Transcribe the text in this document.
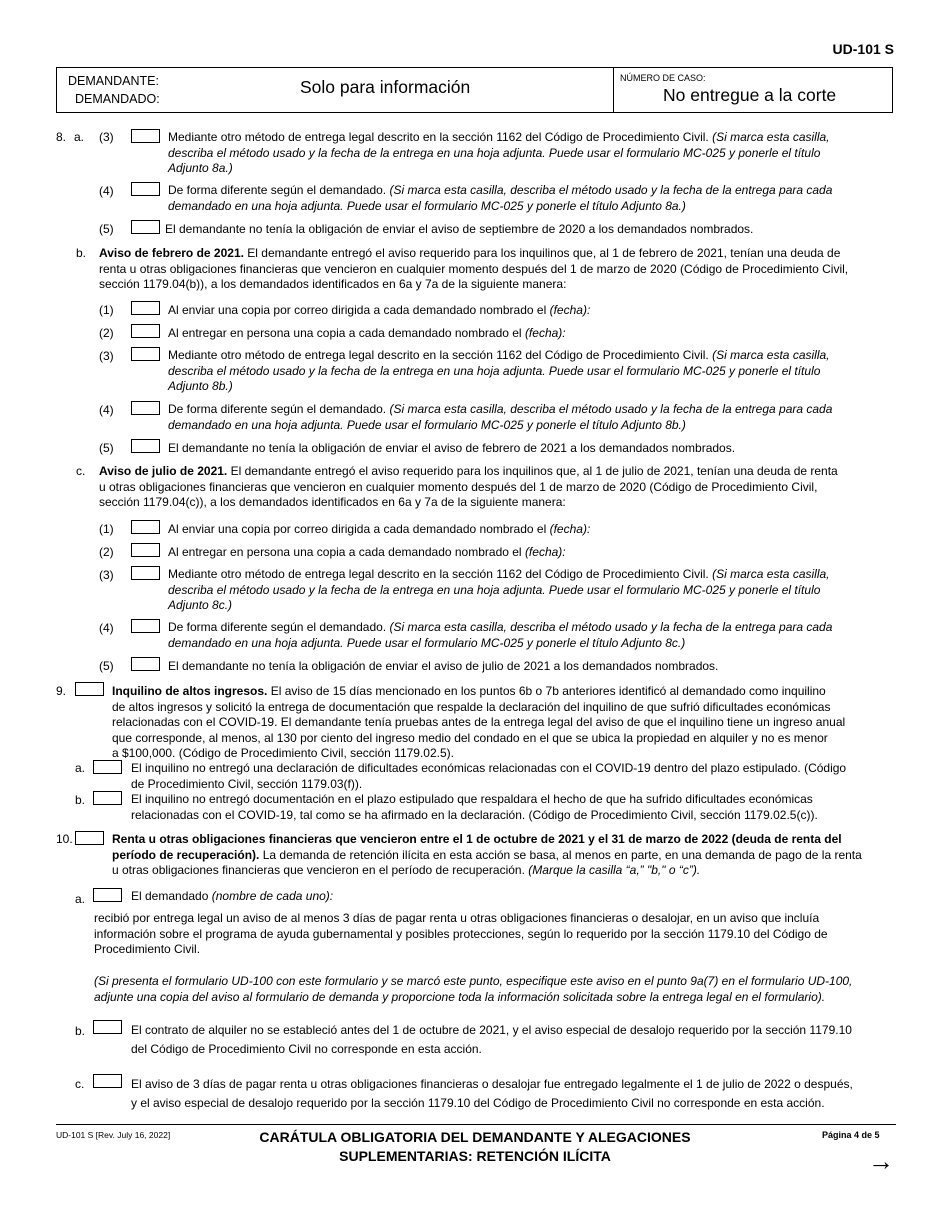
UD-101 S
DEMANDANTE:
DEMANDADO:
Solo para información	NÚMERO DE CASO:
No entregue a la corte
8. a. (3)	Mediante otro método de entrega legal descrito en la sección 1162 del Código de Procedimiento Civil. (Si marca esta casilla,
describa el método usado y la fecha de la entrega en una hoja adjunta. Puede usar el formulario MC-025 y ponerle el título
Adjunto 8a.)
(4)	De forma diferente según el demandado. (Si marca esta casilla, describa el método usado y la fecha de la entrega para cada
demandado en una hoja adjunta. Puede usar el formulario MC-025 y ponerle el título Adjunto 8a.)
(5)	El demandante no tenía la obligación de enviar el aviso de septiembre de 2020 a los demandados nombrados.
b. Aviso de febrero de 2021. El demandante entregó el aviso requerido para los inquilinos que, al 1 de febrero de 2021, tenían una deuda de
renta u otras obligaciones financieras que vencieron en cualquier momento después del 1 de marzo de 2020 (Código de Procedimiento Civil,
sección 1179.04(b)), a los demandados identificados en 6a y 7a de la siguiente manera:
(1)	Al enviar una copia por correo dirigida a cada demandado nombrado el (fecha):
(2)	Al entregar en persona una copia a cada demandado nombrado el (fecha):
(3)	Mediante otro método de entrega legal descrito en la sección 1162 del Código de Procedimiento Civil. (Si marca esta casilla,
describa el método usado y la fecha de la entrega en una hoja adjunta. Puede usar el formulario MC-025 y ponerle el título
Adjunto 8b.)
(4)	De forma diferente según el demandado. (Si marca esta casilla, describa el método usado y la fecha de la entrega para cada
demandado en una hoja adjunta. Puede usar el formulario MC-025 y ponerle el título Adjunto 8b.)
(5)	El demandante no tenía la obligación de enviar el aviso de febrero de 2021 a los demandados nombrados.
c. Aviso de julio de 2021. El demandante entregó el aviso requerido para los inquilinos que, al 1 de julio de 2021, tenían una deuda de renta
u otras obligaciones financieras que vencieron en cualquier momento después del 1 de marzo de 2020 (Código de Procedimiento Civil,
sección 1179.04(c)), a los demandados identificados en 6a y 7a de la siguiente manera:
(1)	Al enviar una copia por correo dirigida a cada demandado nombrado el (fecha):
(2)	Al entregar en persona una copia a cada demandado nombrado el (fecha):
(3)	Mediante otro método de entrega legal descrito en la sección 1162 del Código de Procedimiento Civil. (Si marca esta casilla,
describa el método usado y la fecha de la entrega en una hoja adjunta. Puede usar el formulario MC-025 y ponerle el título
Adjunto 8c.)
(4)	De forma diferente según el demandado. (Si marca esta casilla, describa el método usado y la fecha de la entrega para cada
demandado en una hoja adjunta. Puede usar el formulario MC-025 y ponerle el título Adjunto 8c.)
(5)	El demandante no tenía la obligación de enviar el aviso de julio de 2021 a los demandados nombrados.
9.	Inquilino de altos ingresos. El aviso de 15 días mencionado en los puntos 6b o 7b anteriores identificó al demandado como inquilino
de altos ingresos y solicitó la entrega de documentación que respalde la declaración del inquilino de que sufrió dificultades económicas
relacionadas con el COVID-19. El demandante tenía pruebas antes de la entrega legal del aviso de que el inquilino tiene un ingreso anual
que corresponde, al menos, al 130 por ciento del ingreso medio del condado en el que se ubica la propiedad en alquiler y no es menor
a $100,000. (Código de Procedimiento Civil, sección 1179.02.5).
a.	El inquilino no entregó una declaración de dificultades económicas relacionadas con el COVID-19 dentro del plazo estipulado. (Código
de Procedimiento Civil, sección 1179.03(f)).
b.	El inquilino no entregó documentación en el plazo estipulado que respaldara el hecho de que ha sufrido dificultades económicas
relacionadas con el COVID-19, tal como se ha afirmado en la declaración. (Código de Procedimiento Civil, sección 1179.02.5(c)).
10.	Renta u otras obligaciones financieras que vencieron entre el 1 de octubre de 2021 y el 31 de marzo de 2022 (deuda de renta del
período de recuperación). La demanda de retención ilícita en esta acción se basa, al menos en parte, en una demanda de pago de la renta
u otras obligaciones financieras que vencieron en el período de recuperación. (Marque la casilla “a,” "b," o “c”).
a.	El demandado (nombre de cada uno):
recibió por entrega legal un aviso de al menos 3 días de pagar renta u otras obligaciones financieras o desalojar, en un aviso que incluía
información sobre el programa de ayuda gubernamental y posibles protecciones, según lo requerido por la sección 1179.10 del Código de
Procedimiento Civil.
(Si presenta el formulario UD-100 con este formulario y se marcó este punto, especifique este aviso en el punto 9a(7) en el formulario UD-100,
adjunte una copia del aviso al formulario de demanda y proporcione toda la información solicitada sobre la entrega legal en el formulario).
b.	El contrato de alquiler no se estableció antes del 1 de octubre de 2021, y el aviso especial de desalojo requerido por la sección 1179.10
del Código de Procedimiento Civil no corresponde en esta acción.
c.	El aviso de 3 días de pagar renta u otras obligaciones financieras o desalojar fue entregado legalmente el 1 de julio de 2022 o después,
y el aviso especial de desalojo requerido por la sección 1179.10 del Código de Procedimiento Civil no corresponde en esta acción.
UD-101 S [Rev. July 16, 2022]	CARÁTULA OBLIGATORIA DEL DEMANDANTE Y ALEGACIONES
SUPLEMENTARIAS: RETENCIÓN ILÍCITA
Página 4 de 5
→
